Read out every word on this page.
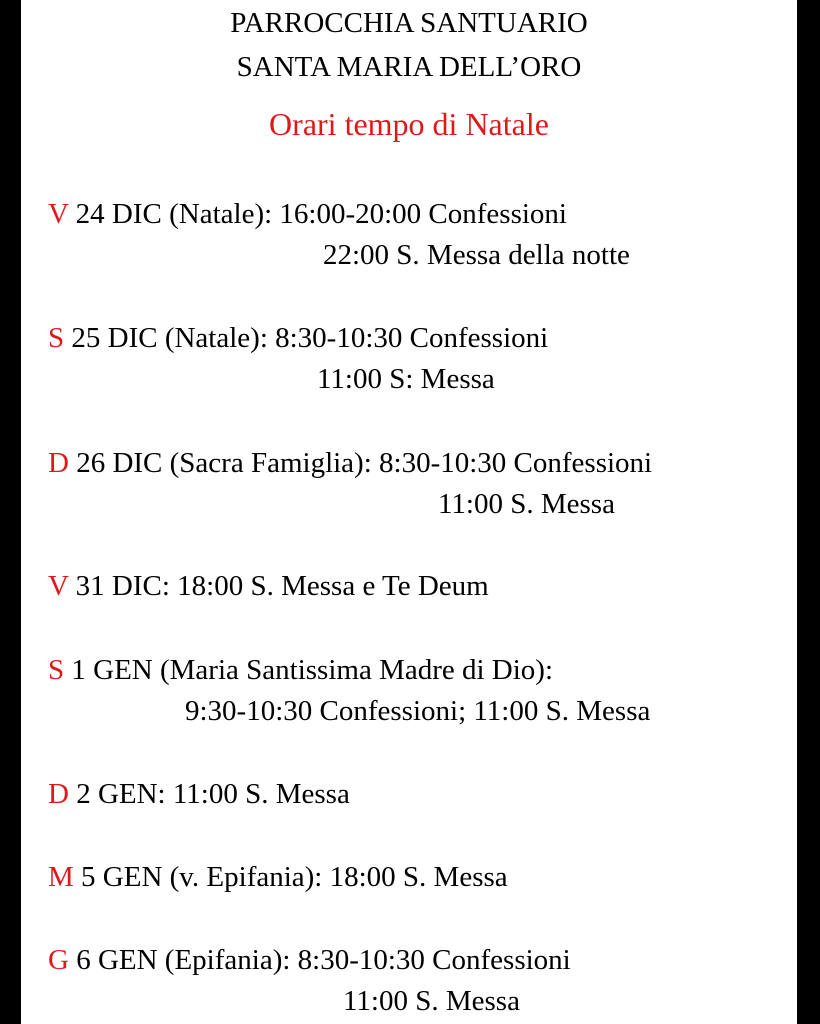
PARROCCHIA SANTUARIO
SANTA MARIA DELL’ORO
Orari tempo di Natale
V 24 DIC (Natale): 16:00-20:00 Confessioni
22:00 S. Messa della notte
S 25 DIC (Natale): 8:30-10:30 Confessioni
11:00 S: Messa
D 26 DIC (Sacra Famiglia): 8:30-10:30 Confessioni
11:00 S. Messa
V 31 DIC: 18:00 S. Messa e Te Deum
S 1 GEN (Maria Santissima Madre di Dio):
9:30-10:30 Confessioni; 11:00 S. Messa
D 2 GEN: 11:00 S. Messa
M 5 GEN (v. Epifania): 18:00 S. Messa
G 6 GEN (Epifania): 8:30-10:30 Confessioni
11:00 S. Messa
